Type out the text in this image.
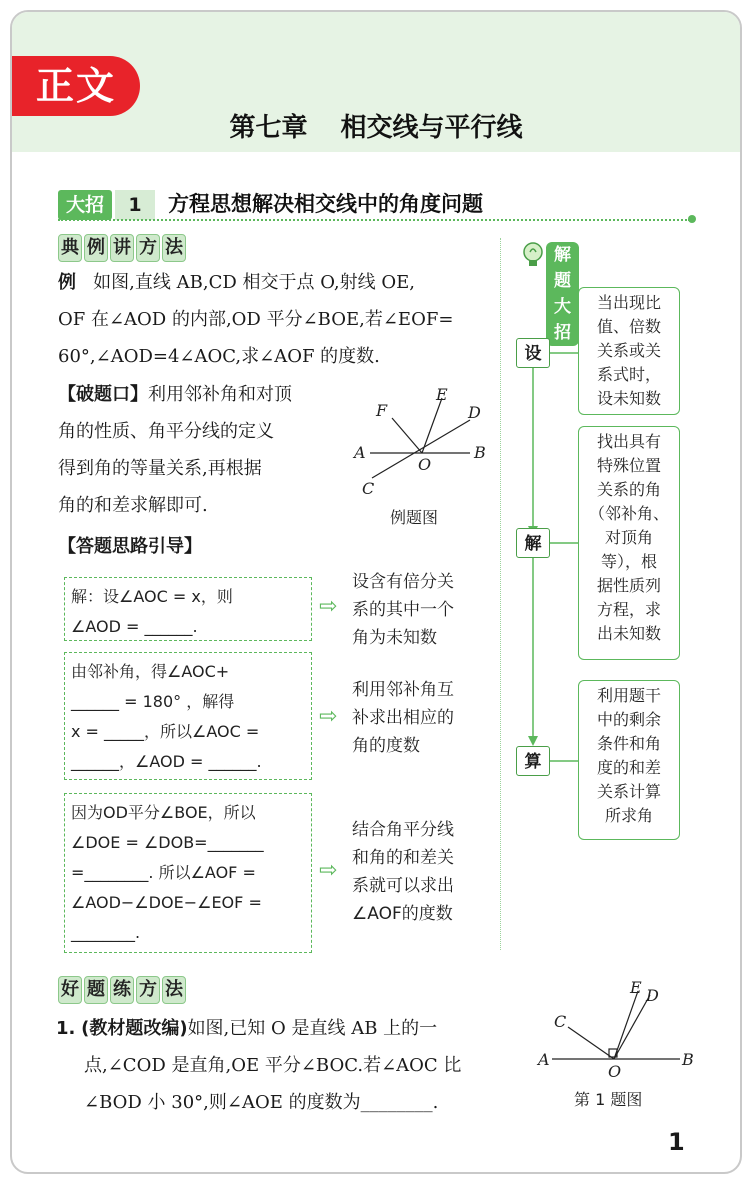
正文
第七章 相交线与平行线
大招	1	方程思想解决相交线中的角度问题
典 例 讲 方 法
例 如图,直线 AB,CD 相交于点 O,射线 OE,
OF 在∠AOD 的内部,OD 平分∠BOE,若∠EOF=
60°,∠AOD=4∠AOC,求∠AOF 的度数.
【破题口】利用邻补角和对顶
角的性质、角平分线的定义
得到角的等量关系,再根据
角的和差求解即可.
A	B
C
D
E
F
O
例题图
【答题思路引导】
解：设∠AOC = x，则
∠AOD = ______.
⇨
设含有倍分关
系的其中一个
角为未知数
由邻补角，得∠AOC+
______ = 180° ，解得
x = _____，所以∠AOC =
______，∠AOD = ______.
⇨
利用邻补角互
补求出相应的
角的度数
因为OD平分∠BOE，所以
∠DOE = ∠DOB=_______
=________. 所以∠AOF =
∠AOD−∠DOE−∠EOF =
________.
⇨
结合角平分线
和角的和差关
系就可以求出
∠AOF的度数
解题大招
设
当出现比
值、倍数
关系或关
系式时，
设未知数
解
找出具有
特殊位置
关系的角
（邻补角、
对顶角
等），根
据性质列
方程，求
出未知数
算
利用题干
中的剩余
条件和角
度的和差
关系计算
所求角
好 题 练 方 法
1. (教材题改编)如图,已知 O 是直线 AB 上的一
点,∠COD 是直角,OE 平分∠BOC.若∠AOC 比
∠BOD 小 30°,则∠AOE 的度数为________.
A	B
C
D
E
O
第 1 题图
1
